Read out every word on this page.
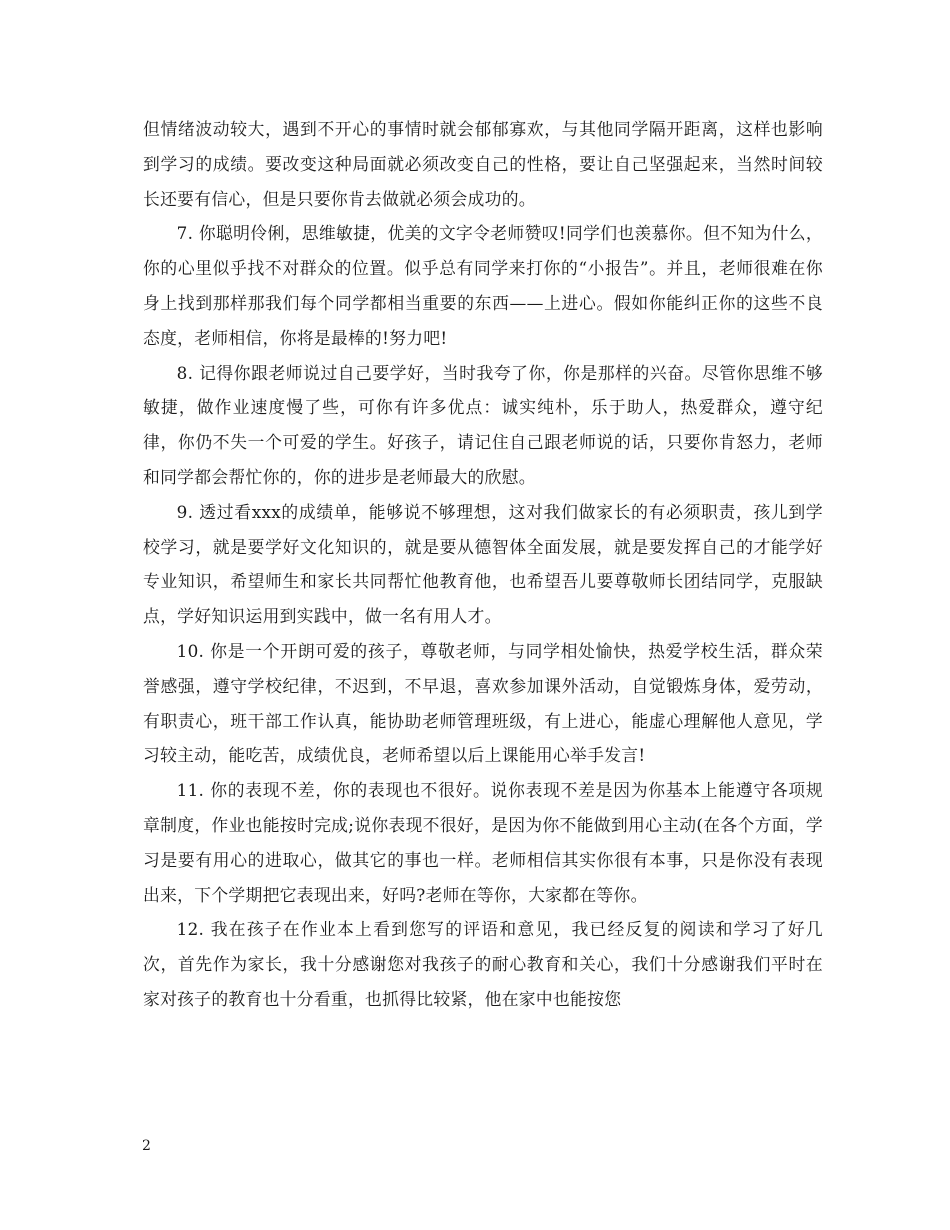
但情绪波动较大，遇到不开心的事情时就会郁郁寡欢，与其他同学隔开距离，这样也影响到学习的成绩。要改变这种局面就必须改变自己的性格，要让自己坚强起来，当然时间较长还要有信心，但是只要你肯去做就必须会成功的。

7. 你聪明伶俐，思维敏捷，优美的文字令老师赞叹!同学们也羡慕你。但不知为什么，你的心里似乎找不对群众的位置。似乎总有同学来打你的“小报告”。并且，老师很难在你身上找到那样那我们每个同学都相当重要的东西——上进心。假如你能纠正你的这些不良态度，老师相信，你将是最棒的!努力吧!

8. 记得你跟老师说过自己要学好，当时我夸了你，你是那样的兴奋。尽管你思维不够敏捷，做作业速度慢了些，可你有许多优点：诚实纯朴，乐于助人，热爱群众，遵守纪律，你仍不失一个可爱的学生。好孩子，请记住自己跟老师说的话，只要你肯怒力，老师和同学都会帮忙你的，你的进步是老师最大的欣慰。

9. 透过看xxx的成绩单，能够说不够理想，这对我们做家长的有必须职责，孩儿到学校学习，就是要学好文化知识的，就是要从德智体全面发展，就是要发挥自己的才能学好专业知识，希望师生和家长共同帮忙他教育他，也希望吾儿要尊敬师长团结同学，克服缺点，学好知识运用到实践中，做一名有用人才。

10. 你是一个开朗可爱的孩子，尊敬老师，与同学相处愉快，热爱学校生活，群众荣誉感强，遵守学校纪律，不迟到，不早退，喜欢参加课外活动，自觉锻炼身体，爱劳动，有职责心，班干部工作认真，能协助老师管理班级，有上进心，能虚心理解他人意见，学习较主动，能吃苦，成绩优良，老师希望以后上课能用心举手发言!

11. 你的表现不差，你的表现也不很好。说你表现不差是因为你基本上能遵守各项规章制度，作业也能按时完成;说你表现不很好，是因为你不能做到用心主动(在各个方面，学习是要有用心的进取心，做其它的事也一样。老师相信其实你很有本事，只是你没有表现出来，下个学期把它表现出来，好吗?老师在等你，大家都在等你。

12. 我在孩子在作业本上看到您写的评语和意见，我已经反复的阅读和学习了好几次，首先作为家长，我十分感谢您对我孩子的耐心教育和关心，我们十分感谢我们平时在家对孩子的教育也十分看重，也抓得比较紧，他在家中也能按您

2
